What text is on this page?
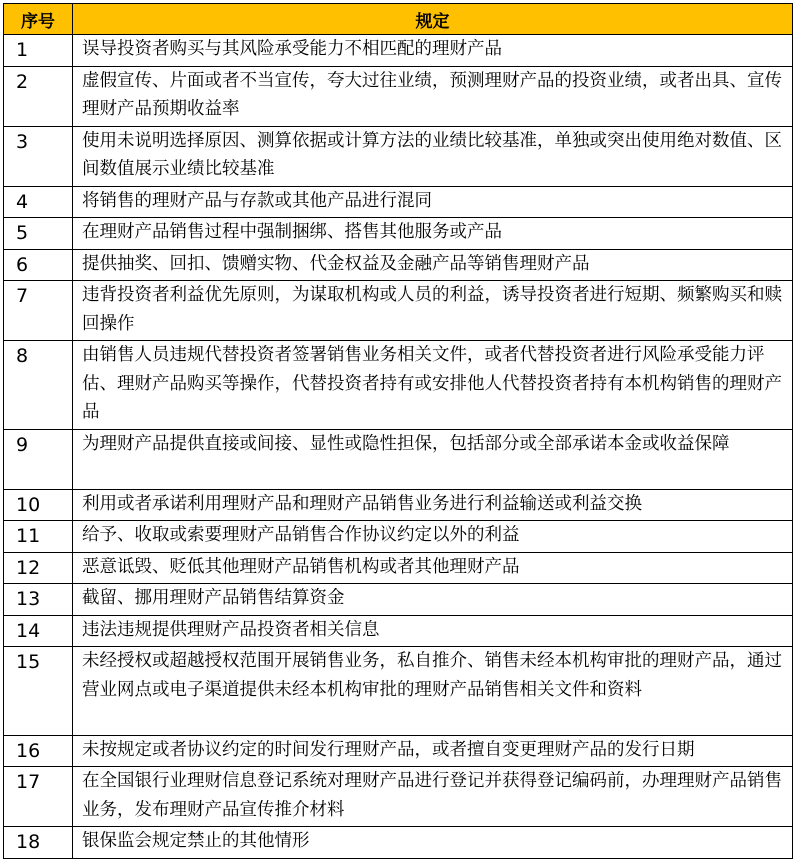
序号	规定
1	误导投资者购买与其风险承受能力不相匹配的理财产品
2	虚假宣传、片面或者不当宣传，夸大过往业绩，预测理财产品的投资业绩，或者出具、宣传理财产品预期收益率
3	使用未说明选择原因、测算依据或计算方法的业绩比较基准，单独或突出使用绝对数值、区间数值展示业绩比较基准
4	将销售的理财产品与存款或其他产品进行混同
5	在理财产品销售过程中强制捆绑、搭售其他服务或产品
6	提供抽奖、回扣、馈赠实物、代金权益及金融产品等销售理财产品
7	违背投资者利益优先原则，为谋取机构或人员的利益，诱导投资者进行短期、频繁购买和赎回操作
8	由销售人员违规代替投资者签署销售业务相关文件，或者代替投资者进行风险承受能力评估、理财产品购买等操作，代替投资者持有或安排他人代替投资者持有本机构销售的理财产品
9	为理财产品提供直接或间接、显性或隐性担保，包括部分或全部承诺本金或收益保障
10	利用或者承诺利用理财产品和理财产品销售业务进行利益输送或利益交换
11	给予、收取或索要理财产品销售合作协议约定以外的利益
12	恶意诋毁、贬低其他理财产品销售机构或者其他理财产品
13	截留、挪用理财产品销售结算资金
14	违法违规提供理财产品投资者相关信息
15	未经授权或超越授权范围开展销售业务，私自推介、销售未经本机构审批的理财产品，通过营业网点或电子渠道提供未经本机构审批的理财产品销售相关文件和资料
16	未按规定或者协议约定的时间发行理财产品，或者擅自变更理财产品的发行日期
17	在全国银行业理财信息登记系统对理财产品进行登记并获得登记编码前，办理理财产品销售业务，发布理财产品宣传推介材料
18	银保监会规定禁止的其他情形
